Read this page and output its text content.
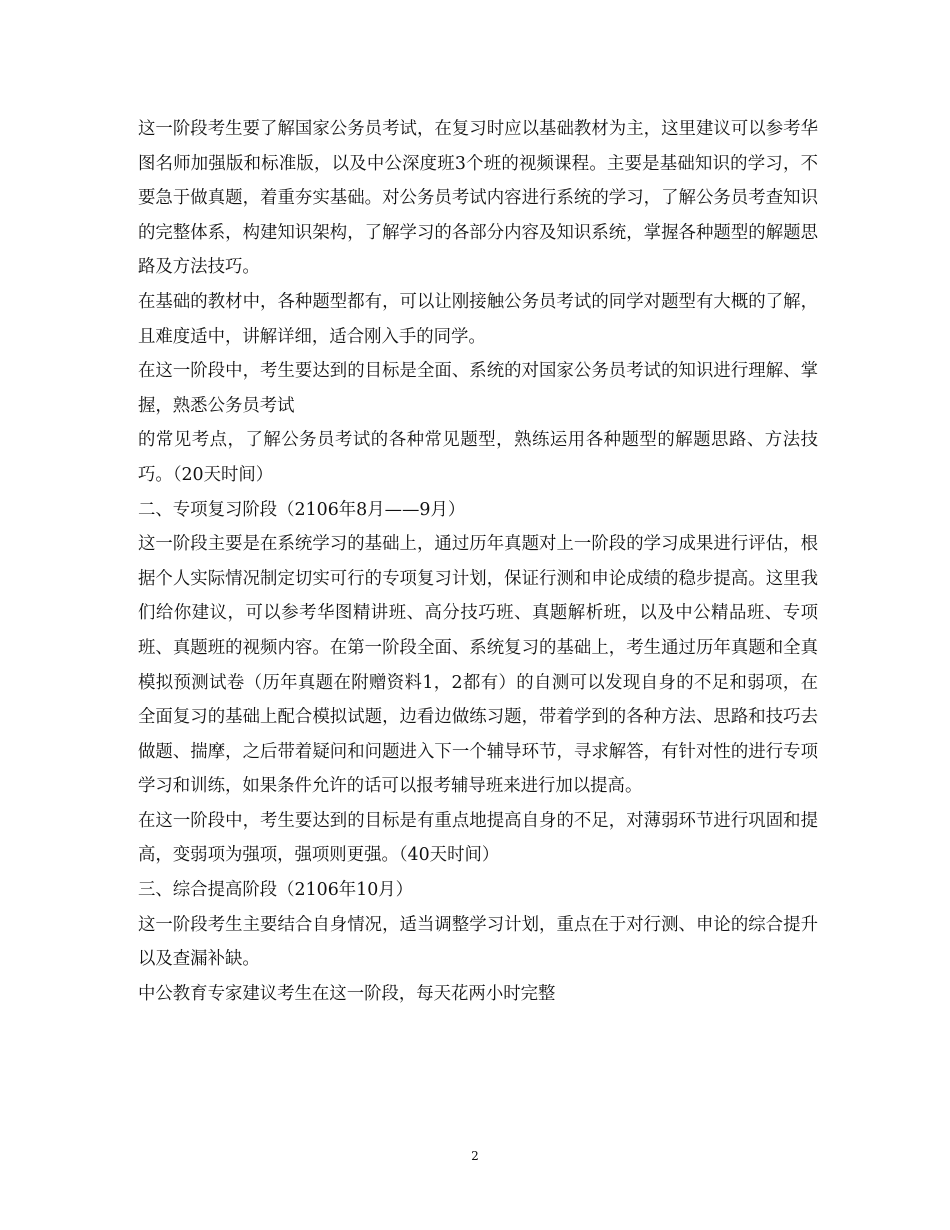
这一阶段考生要了解国家公务员考试，在复习时应以基础教材为主，这里建议可以参考华图名师加强版和标准版，以及中公深度班3个班的视频课程。主要是基础知识的学习，不要急于做真题，着重夯实基础。对公务员考试内容进行系统的学习，了解公务员考查知识的完整体系，构建知识架构，了解学习的各部分内容及知识系统，掌握各种题型的解题思路及方法技巧。

在基础的教材中，各种题型都有，可以让刚接触公务员考试的同学对题型有大概的了解，且难度适中，讲解详细，适合刚入手的同学。

在这一阶段中，考生要达到的目标是全面、系统的对国家公务员考试的知识进行理解、掌握，熟悉公务员考试

的常见考点，了解公务员考试的各种常见题型，熟练运用各种题型的解题思路、方法技巧。（20天时间）

二、专项复习阶段（2106年8月——9月）

这一阶段主要是在系统学习的基础上，通过历年真题对上一阶段的学习成果进行评估，根据个人实际情况制定切实可行的专项复习计划，保证行测和申论成绩的稳步提高。这里我们给你建议，可以参考华图精讲班、高分技巧班、真题解析班，以及中公精品班、专项班、真题班的视频内容。在第一阶段全面、系统复习的基础上，考生通过历年真题和全真模拟预测试卷（历年真题在附赠资料1，2都有）的自测可以发现自身的不足和弱项，在全面复习的基础上配合模拟试题，边看边做练习题，带着学到的各种方法、思路和技巧去做题、揣摩，之后带着疑问和问题进入下一个辅导环节，寻求解答，有针对性的进行专项学习和训练，如果条件允许的话可以报考辅导班来进行加以提高。

在这一阶段中，考生要达到的目标是有重点地提高自身的不足，对薄弱环节进行巩固和提高，变弱项为强项，强项则更强。（40天时间）

三、综合提高阶段（2106年10月）

这一阶段考生主要结合自身情况，适当调整学习计划，重点在于对行测、申论的综合提升以及查漏补缺。

中公教育专家建议考生在这一阶段，每天花两小时完整

2
